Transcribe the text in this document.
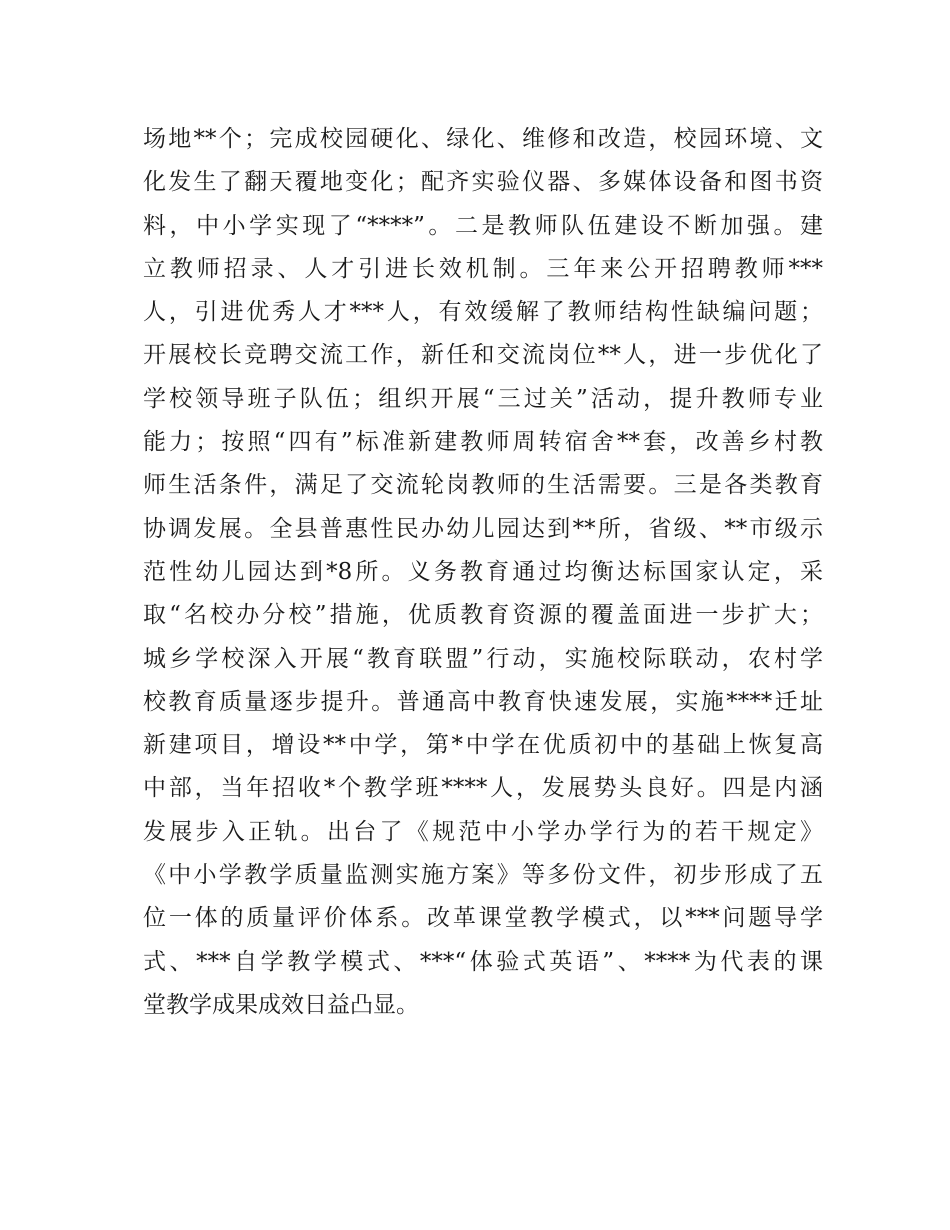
场地**个；完成校园硬化、绿化、维修和改造，校园环境、文
化发生了翻天覆地变化；配齐实验仪器、多媒体设备和图书资
料，中小学实现了“****”。二是教师队伍建设不断加强。建
立教师招录、人才引进长效机制。三年来公开招聘教师***
人，引进优秀人才***人，有效缓解了教师结构性缺编问题；
开展校长竞聘交流工作，新任和交流岗位**人，进一步优化了
学校领导班子队伍；组织开展“三过关”活动，提升教师专业
能力；按照“四有”标准新建教师周转宿舍**套，改善乡村教
师生活条件，满足了交流轮岗教师的生活需要。三是各类教育
协调发展。全县普惠性民办幼儿园达到**所，省级、**市级示
范性幼儿园达到*8所。义务教育通过均衡达标国家认定，采
取“名校办分校”措施，优质教育资源的覆盖面进一步扩大；
城乡学校深入开展“教育联盟”行动，实施校际联动，农村学
校教育质量逐步提升。普通高中教育快速发展，实施****迁址
新建项目，增设**中学，第*中学在优质初中的基础上恢复高
中部，当年招收*个教学班****人，发展势头良好。四是内涵
发展步入正轨。出台了《规范中小学办学行为的若干规定》
《中小学教学质量监测实施方案》等多份文件，初步形成了五
位一体的质量评价体系。改革课堂教学模式，以***问题导学
式、***自学教学模式、***“体验式英语”、****为代表的课
堂教学成果成效日益凸显。
